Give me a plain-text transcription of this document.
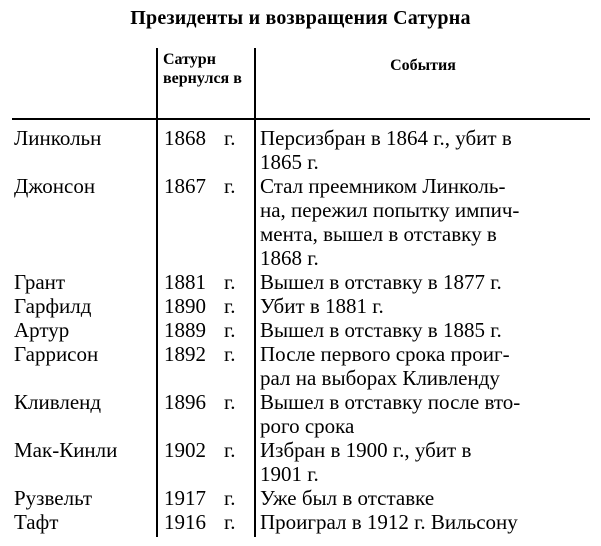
Президенты и возвращения Сатурна
	Сатурн вернулся в	События
Линкольн	1868 г.	Персизбран в 1864 г., убит в
1865 г.

Джонсон	1867 г.	Стал преемником Линколь-
на, пережил попытку импич-
мента, вышел в отставку в
1868 г.

Грант	1881 г.	Вышел в отставку в 1877 г.

Гарфилд	1890 г.	Убит в 1881 г.

Артур	1889 г.	Вышел в отставку в 1885 г.

Гаррисон	1892 г.	После первого срока проиг-
рал на выборах Кливленду

Кливленд	1896 г.	Вышел в отставку после вто-
рого срока

Мак-Кинли	1902 г.	Избран в 1900 г., убит в
1901 г.

Рузвельт	1917 г.	Уже был в отставке

Тафт	1916 г.	Проиграл в 1912 г. Вильсону
